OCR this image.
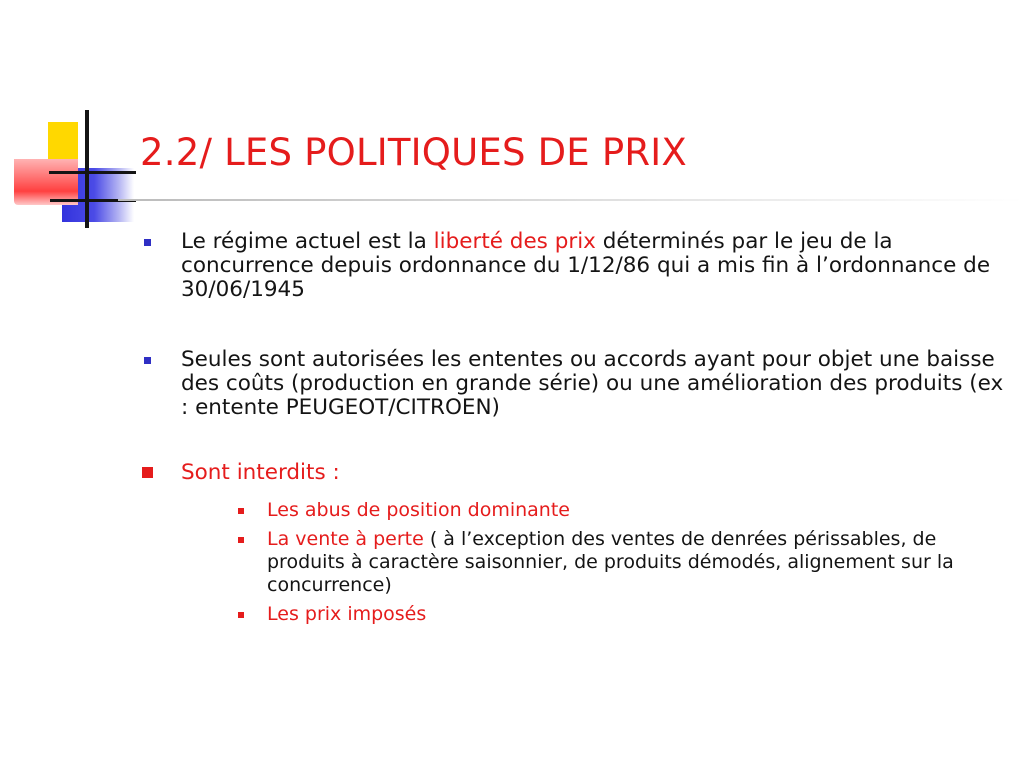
2.2/ LES POLITIQUES DE PRIX
Le régime actuel est la liberté des prix déterminés par le jeu de la concurrence depuis ordonnance du 1/12/86 qui a mis fin à l’ordonnance de 30/06/1945
Seules sont autorisées les ententes ou accords ayant pour objet une baisse des coûts (production en grande série) ou une amélioration des produits (ex : entente PEUGEOT/CITROEN)
Sont interdits :
Les abus de position dominante
La vente à perte ( à l’exception des ventes de denrées périssables, de produits à caractère saisonnier, de produits démodés, alignement sur la concurrence)
Les prix imposés
